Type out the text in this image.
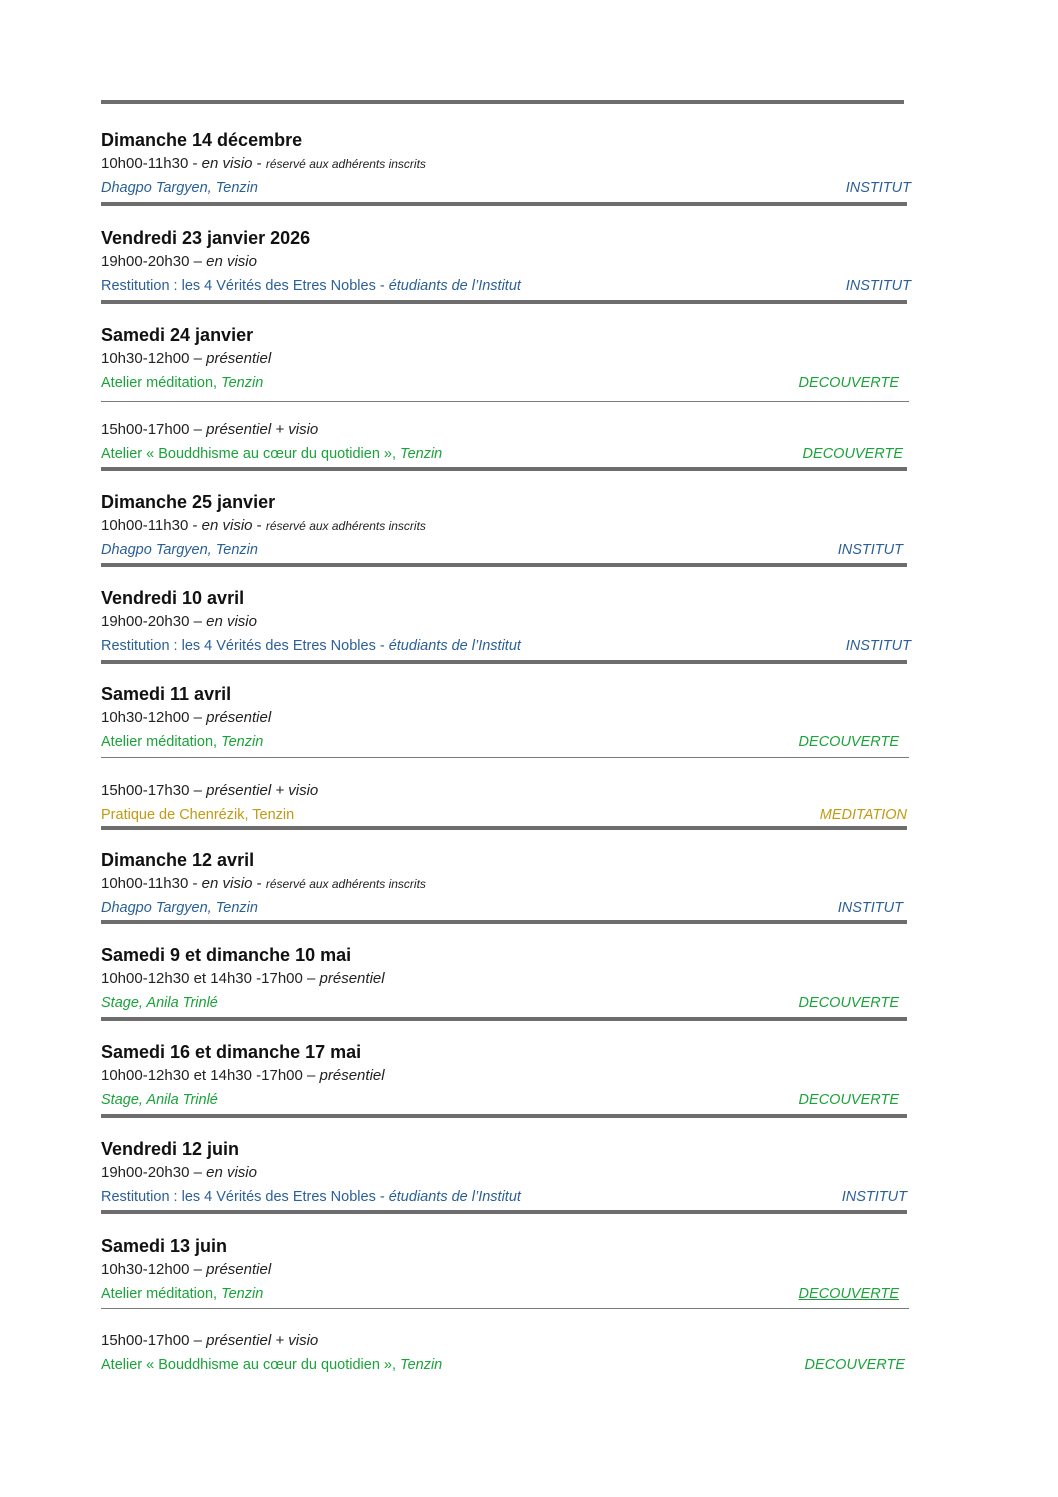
Dimanche 14 décembre
10h00-11h30 - en visio - réservé aux adhérents inscrits
Dhagpo Targyen, Tenzin	INSTITUT
Vendredi 23 janvier 2026
19h00-20h30 – en visio
Restitution : les 4 Vérités des Etres Nobles - étudiants de l’Institut	INSTITUT
Samedi 24 janvier
10h30-12h00 – présentiel
Atelier méditation, Tenzin	DECOUVERTE
15h00-17h00 – présentiel + visio
Atelier « Bouddhisme au cœur du quotidien », Tenzin	DECOUVERTE
Dimanche 25 janvier
10h00-11h30 - en visio - réservé aux adhérents inscrits
Dhagpo Targyen, Tenzin	INSTITUT
Vendredi 10 avril
19h00-20h30 – en visio
Restitution : les 4 Vérités des Etres Nobles - étudiants de l’Institut	INSTITUT
Samedi 11 avril
10h30-12h00 – présentiel
Atelier méditation, Tenzin	DECOUVERTE
15h00-17h30 – présentiel + visio
Pratique de Chenrézik, Tenzin	MEDITATION
Dimanche 12 avril
10h00-11h30 - en visio - réservé aux adhérents inscrits
Dhagpo Targyen, Tenzin	INSTITUT
Samedi 9 et dimanche 10 mai
10h00-12h30 et 14h30 -17h00 – présentiel
Stage, Anila Trinlé	DECOUVERTE
Samedi 16 et dimanche 17 mai
10h00-12h30 et 14h30 -17h00 – présentiel
Stage, Anila Trinlé	DECOUVERTE
Vendredi 12 juin
19h00-20h30 – en visio
Restitution : les 4 Vérités des Etres Nobles - étudiants de l’Institut	INSTITUT
Samedi 13 juin
10h30-12h00 – présentiel
Atelier méditation, Tenzin	DECOUVERTE
15h00-17h00 – présentiel + visio
Atelier « Bouddhisme au cœur du quotidien », Tenzin	DECOUVERTE
